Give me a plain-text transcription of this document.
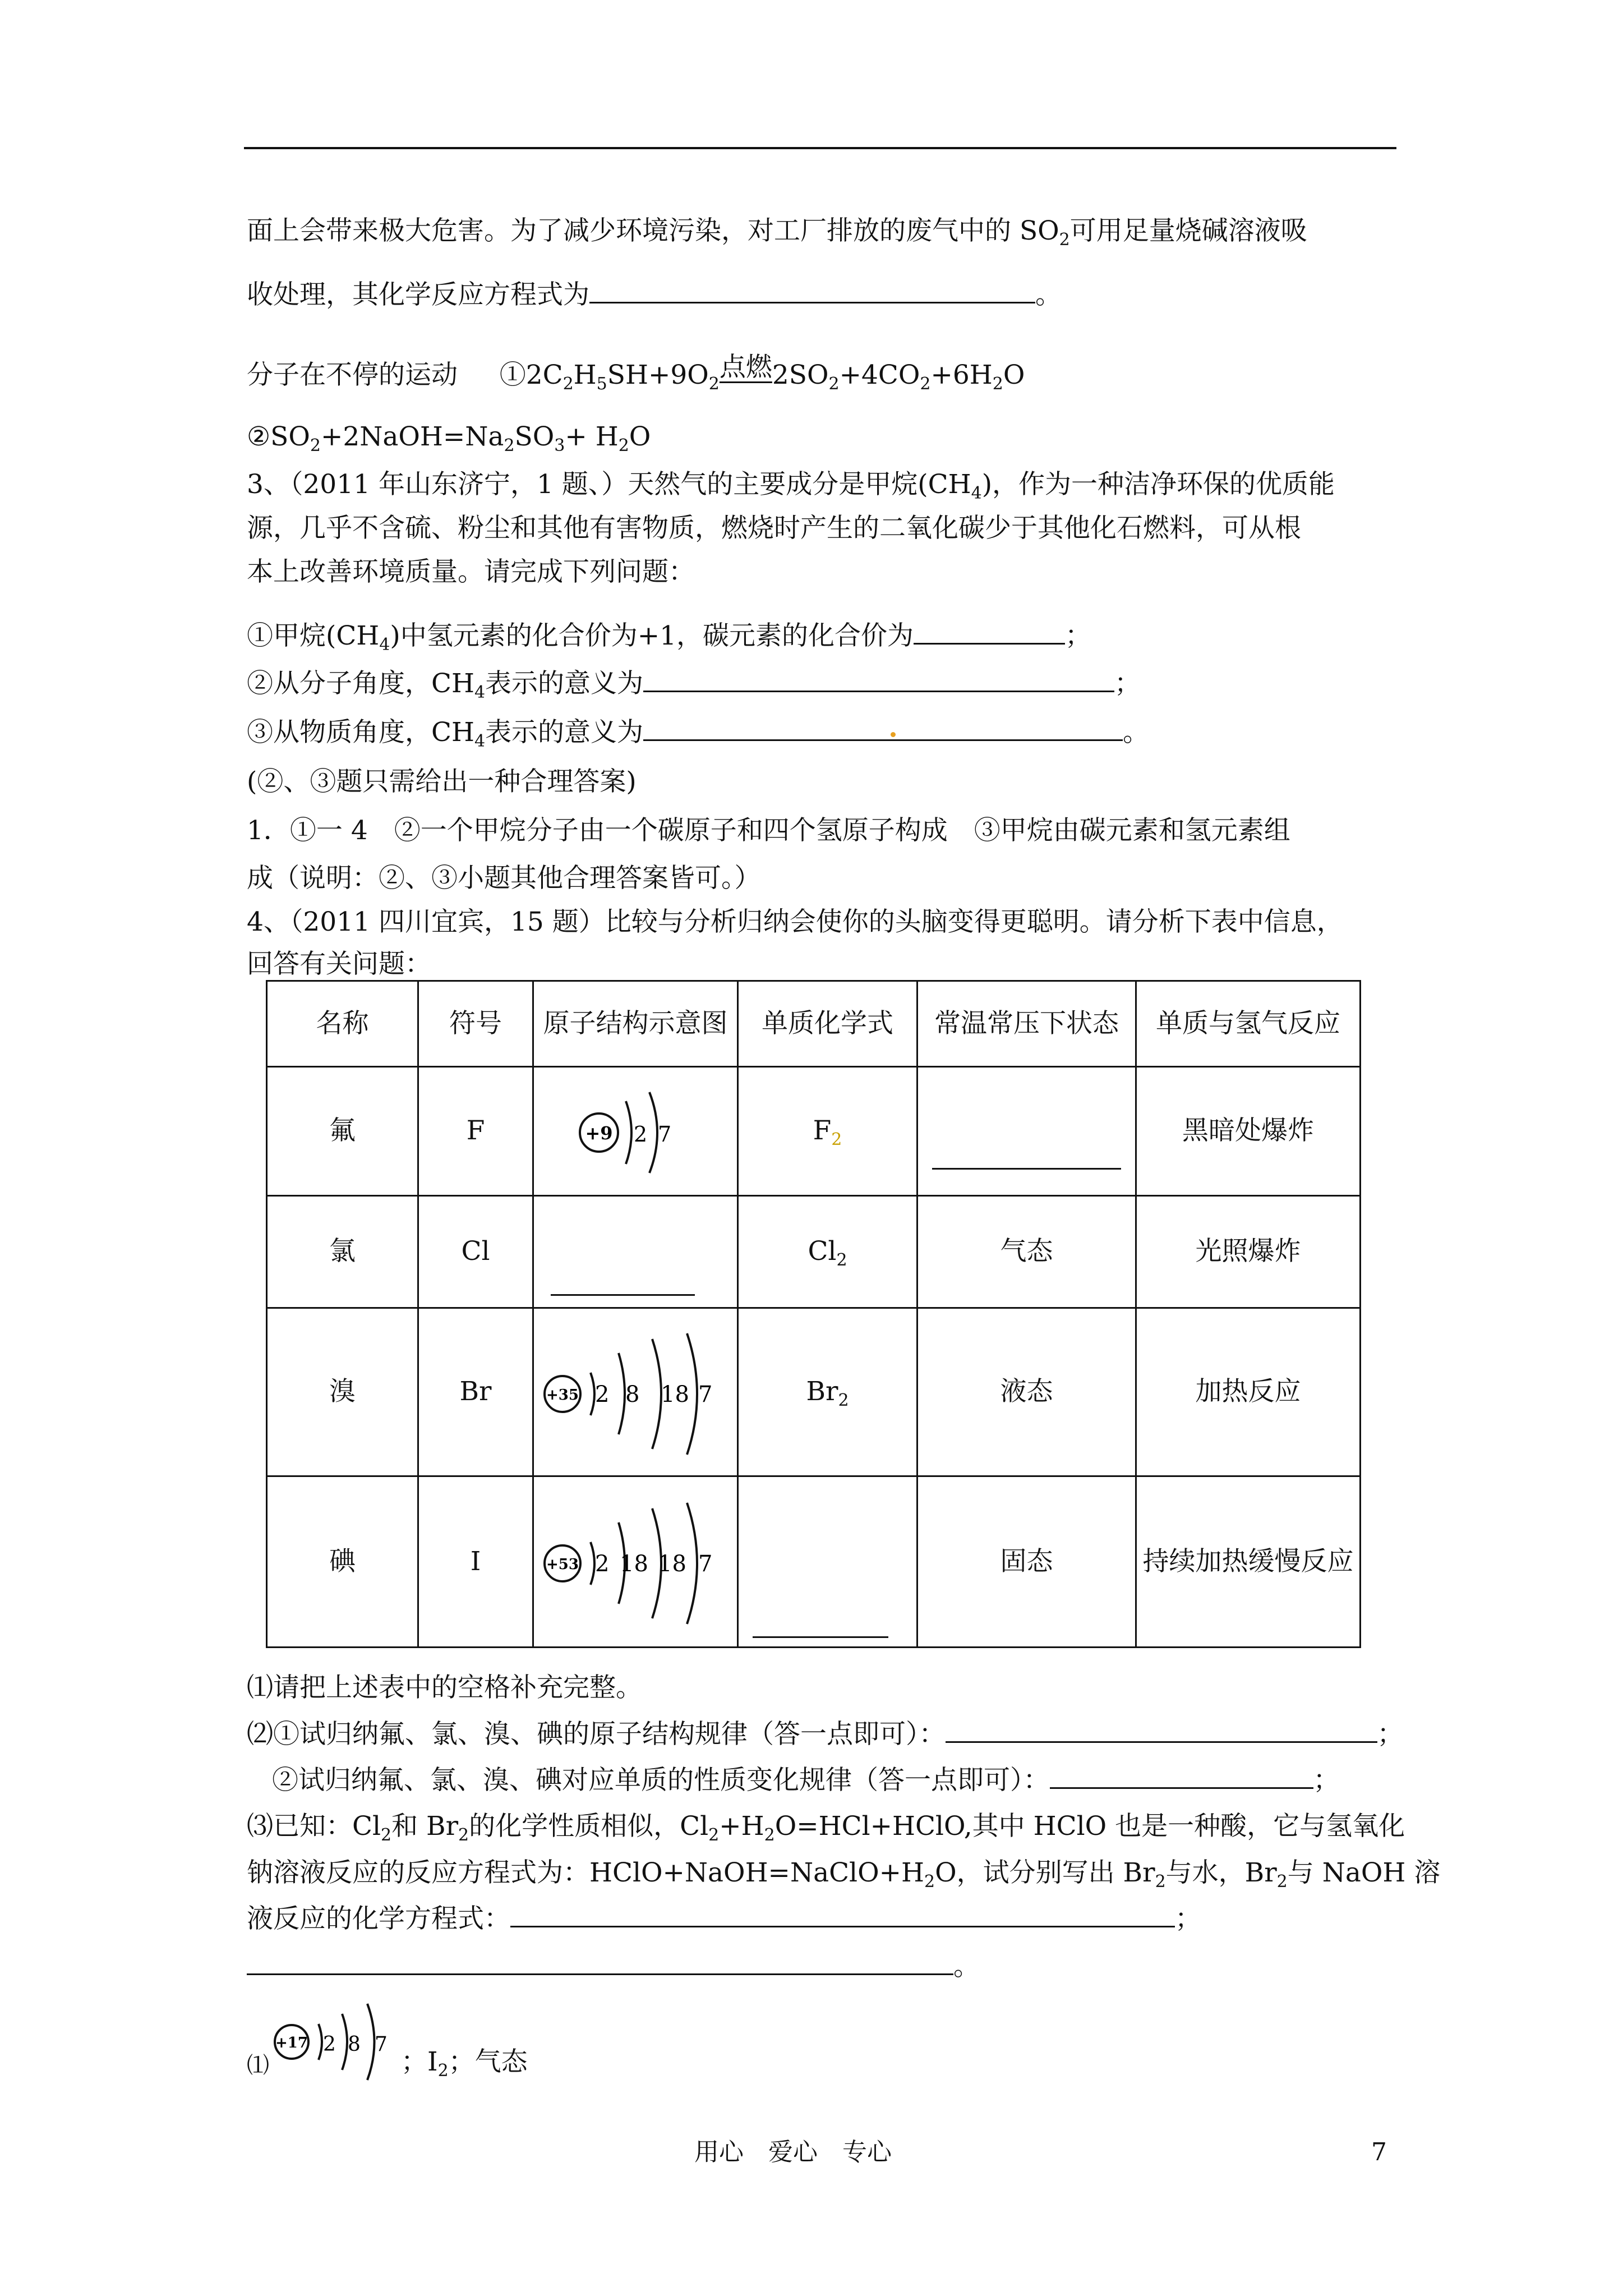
面上会带来极大危害。为了减少环境污染，对工厂排放的废气中的 $SO_2$可用足量烧碱溶液吸
收处理，其化学反应方程式为	。
分子在不停的运动 $①2C_2H_5SH+9O_2$点燃$2SO_2+4CO_2+6H_2O$
$②SO_2+2NaOH=Na_2SO_3+ H_2O$
3、（2011 年山东济宁，1 题、）天然气的主要成分是甲烷$(CH_4)$，作为一种洁净环保的优质能
源，几乎不含硫、粉尘和其他有害物质，燃烧时产生的二氧化碳少于其他化石燃料，可从根
本上改善环境质量。请完成下列问题：
①甲烷$(CH_4)$中氢元素的化合价为+1，碳元素的化合价为	；
②从分子角度，$CH_4$表示的意义为	；
③从物质角度，$CH_4$表示的意义为	。
(②、③题只需给出一种合理答案)
1．①一 4　②一个甲烷分子由一个碳原子和四个氢原子构成　③甲烷由碳元素和氢元素组
成（说明：②、③小题其他合理答案皆可。）
4、（2011 四川宜宾，15 题）比较与分析归纳会使你的头脑变得更聪明。请分析下表中信息，
回答有关问题：
名称	符号	原子结构示意图	单质化学式	常温常压下状态	单质与氢气反应
氟	F	+9 2 7	$F_2$		黑暗处爆炸
氯	Cl		$Cl_2$	气态	光照爆炸
溴	Br	+35 2 8 18 7	$Br_2$	液态	加热反应
碘	I	+53 2 18 18 7		固态	持续加热缓慢反应
⑴请把上述表中的空格补充完整。
⑵①试归纳氟、氯、溴、碘的原子结构规律（答一点即可）：	；
②试归纳氟、氯、溴、碘对应单质的性质变化规律（答一点即可）：	；
⑶已知：$Cl_2$和 $Br_2$的化学性质相似，$Cl_2+H_2O=HCl+HClO$,其中 HClO 也是一种酸，它与氢氧化
钠溶液反应的反应方程式为：$HClO+NaOH=NaClO+H_2O$，试分别写出 $Br_2$与水，$Br_2$与 NaOH 溶
液反应的化学方程式：	；
。
+17 2 8 7
⑴	；$I_2$；气态
用心　爱心　专心	7
